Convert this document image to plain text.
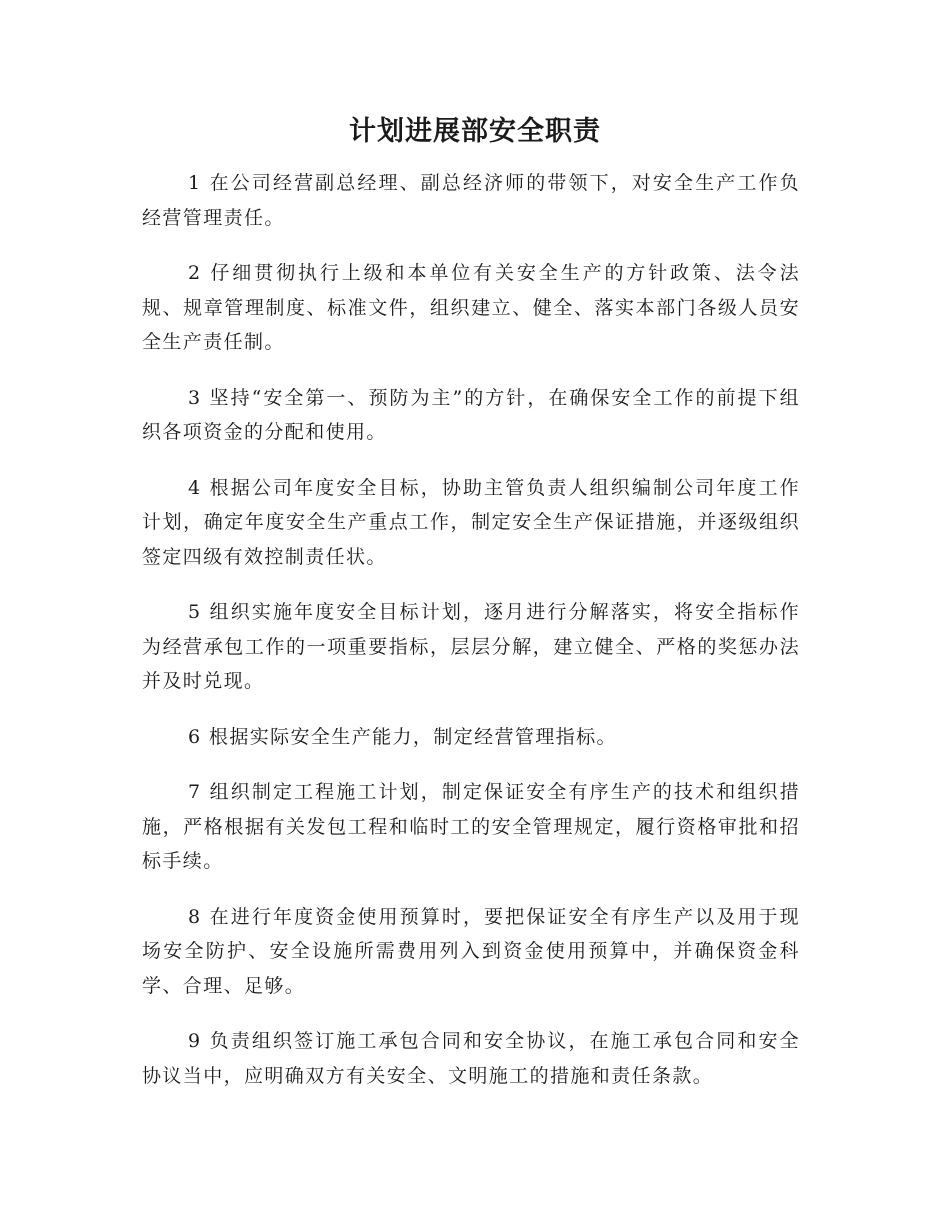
计划进展部安全职责

1 在公司经营副总经理、副总经济师的带领下，对安全生产工作负经营管理责任。

2 仔细贯彻执行上级和本单位有关安全生产的方针政策、法令法规、规章管理制度、标准文件，组织建立、健全、落实本部门各级人员安全生产责任制。

3 坚持“安全第一、预防为主”的方针，在确保安全工作的前提下组织各项资金的分配和使用。

4 根据公司年度安全目标，协助主管负责人组织编制公司年度工作计划，确定年度安全生产重点工作，制定安全生产保证措施，并逐级组织签定四级有效控制责任状。

5 组织实施年度安全目标计划，逐月进行分解落实，将安全指标作为经营承包工作的一项重要指标，层层分解，建立健全、严格的奖惩办法并及时兑现。

6 根据实际安全生产能力，制定经营管理指标。

7 组织制定工程施工计划，制定保证安全有序生产的技术和组织措施，严格根据有关发包工程和临时工的安全管理规定，履行资格审批和招标手续。

8 在进行年度资金使用预算时，要把保证安全有序生产以及用于现场安全防护、安全设施所需费用列入到资金使用预算中，并确保资金科学、合理、足够。

9 负责组织签订施工承包合同和安全协议，在施工承包合同和安全协议当中，应明确双方有关安全、文明施工的措施和责任条款。
